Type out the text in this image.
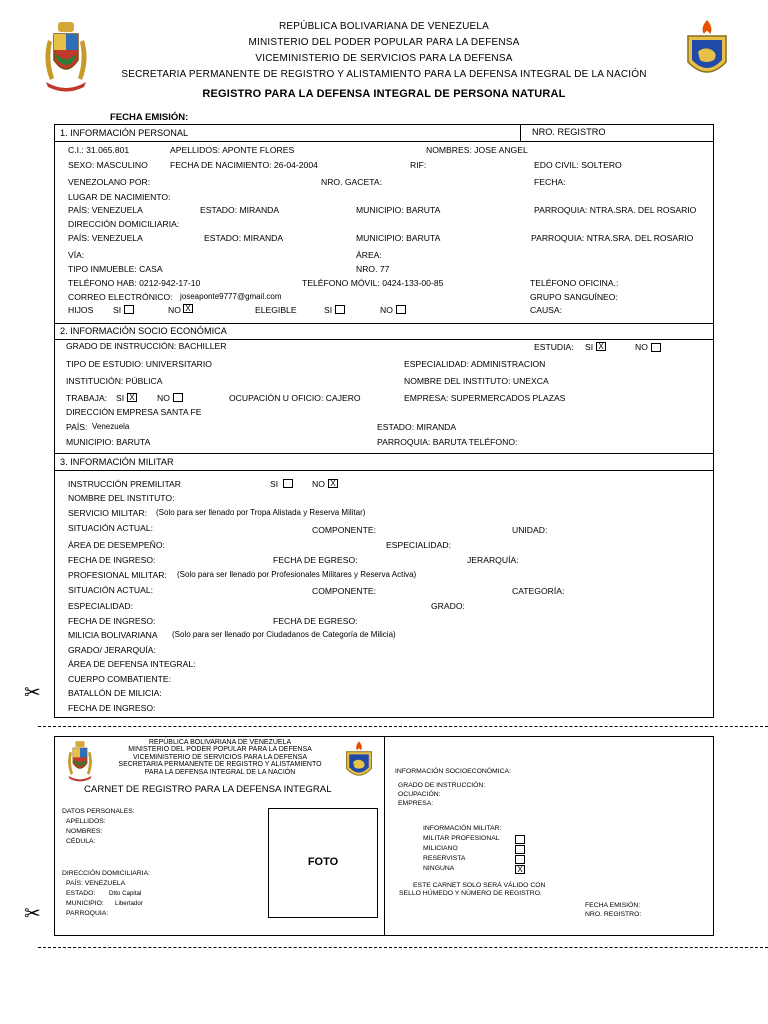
REPÚBLICA BOLIVARIANA DE VENEZUELA
MINISTERIO DEL PODER POPULAR PARA LA DEFENSA
VICEMINISTERIO DE SERVICIOS PARA LA DEFENSA
SECRETARIA PERMANENTE DE REGISTRO Y ALISTAMIENTO PARA LA DEFENSA INTEGRAL DE LA NACIÓN
REGISTRO PARA LA DEFENSA INTEGRAL DE PERSONA NATURAL
FECHA EMISIÓN:
1. INFORMACIÓN PERSONAL	NRO. REGISTRO
C.I.: 31.065.801	APELLIDOS: APONTE FLORES	NOMBRES: JOSE ANGEL
SEXO: MASCULINO	FECHA DE NACIMIENTO: 26-04-2004	RIF:	EDO CIVIL: SOLTERO
VENEZOLANO POR:	NRO. GACETA:	FECHA:
LUGAR DE NACIMIENTO:
PAÍS: VENEZUELA	ESTADO: MIRANDA	MUNICIPIO: BARUTA	PARROQUIA: NTRA.SRA. DEL ROSARIO
DIRECCIÓN DOMICILIARIA:
PAÍS: VENEZUELA	ESTADO: MIRANDA	MUNICIPIO: BARUTA	PARROQUIA: NTRA.SRA. DEL ROSARIO
VÍA:	ÁREA:
TIPO INMUEBLE: CASA	NRO. 77
TELÉFONO HAB: 0212-942-17-10	TELÉFONO MÓVIL: 0424-133-00-85	TELÉFONO OFICINA.:
CORREO ELECTRÓNICO: joseaponte9777@gmail.com	GRUPO SANGUÍNEO:
HIJOS SI	NO X	ELEGIBLE	SI	NO	CAUSA:
2. INFORMACIÓN SOCIO ECONÓMICA
GRADO DE INSTRUCCIÓN: BACHILLER	ESTUDIA: SI X	NO
TIPO DE ESTUDIO: UNIVERSITARIO	ESPECIALIDAD: ADMINISTRACION
INSTITUCIÓN: PÚBLICA	NOMBRE DEL INSTITUTO: UNEXCA
TRABAJA: SI X	NO	OCUPACIÓN U OFICIO: CAJERO	EMPRESA: SUPERMERCADOS PLAZAS
DIRECCIÓN EMPRESA SANTA FE
PAÍS: Venezuela	ESTADO: MIRANDA
MUNICIPIO: BARUTA	PARROQUIA: BARUTA TELÉFONO:
3. INFORMACIÓN MILITAR
INSTRUCCIÓN PREMILITAR	SI	NO X
NOMBRE DEL INSTITUTO:
SERVICIO MILITAR: (Solo para ser llenado por Tropa Alistada y Reserva Militar)
SITUACIÓN ACTUAL:	COMPONENTE:	UNIDAD:
ÁREA DE DESEMPEÑO:	ESPECIALIDAD:
FECHA DE INGRESO:	FECHA DE EGRESO:	JERARQUÍA:
PROFESIONAL MILITAR: (Solo para ser llenado por Profesionales Militares y Reserva Activa)
SITUACIÓN ACTUAL:	COMPONENTE:	CATEGORÍA:
ESPECIALIDAD:	GRADO:
FECHA DE INGRESO:	FECHA DE EGRESO:
MILICIA BOLIVARIANA (Solo para ser llenado por Ciudadanos de Categoría de Milicia)
GRADO/ JERARQUÍA:
ÁREA DE DEFENSA INTEGRAL:
CUERPO COMBATIENTE:
BATALLÓN DE MILICIA:
FECHA DE INGRESO:
✂
✂
REPÚBLICA BOLIVARIANA DE VENEZUELA
MINISTERIO DEL PODER POPULAR PARA LA DEFENSA
VICEMINISTERIO DE SERVICIOS PARA LA DEFENSA
SECRETARIA PERMANENTE DE REGISTRO Y ALISTAMIENTO
PARA LA DEFENSA INTEGRAL DE LA NACIÓN
CARNET DE REGISTRO PARA LA DEFENSA INTEGRAL
DATOS PERSONALES:
APELLIDOS:
NOMBRES:
CÉDULA:
FOTO
DIRECCIÓN DOMICILIARIA:
PAÍS: VENEZUELA
ESTADO: Dtto Capital
MUNICIPIO: Libertador
PARROQUIA:
INFORMACIÓN SOCIOECONÓMICA:
GRADO DE INSTRUCCIÓN:
OCUPACIÓN:
EMPRESA:
INFORMACIÓN MILITAR:
MILITAR PROFESIONAL
MILICIANO
RESERVISTA
NINGUNA	X
ESTE CARNET SOLO SERÁ VÁLIDO CON
SELLO HÚMEDO Y NÚMERO DE REGISTRO.
FECHA EMISIÓN:
NRO. REGISTRO:
